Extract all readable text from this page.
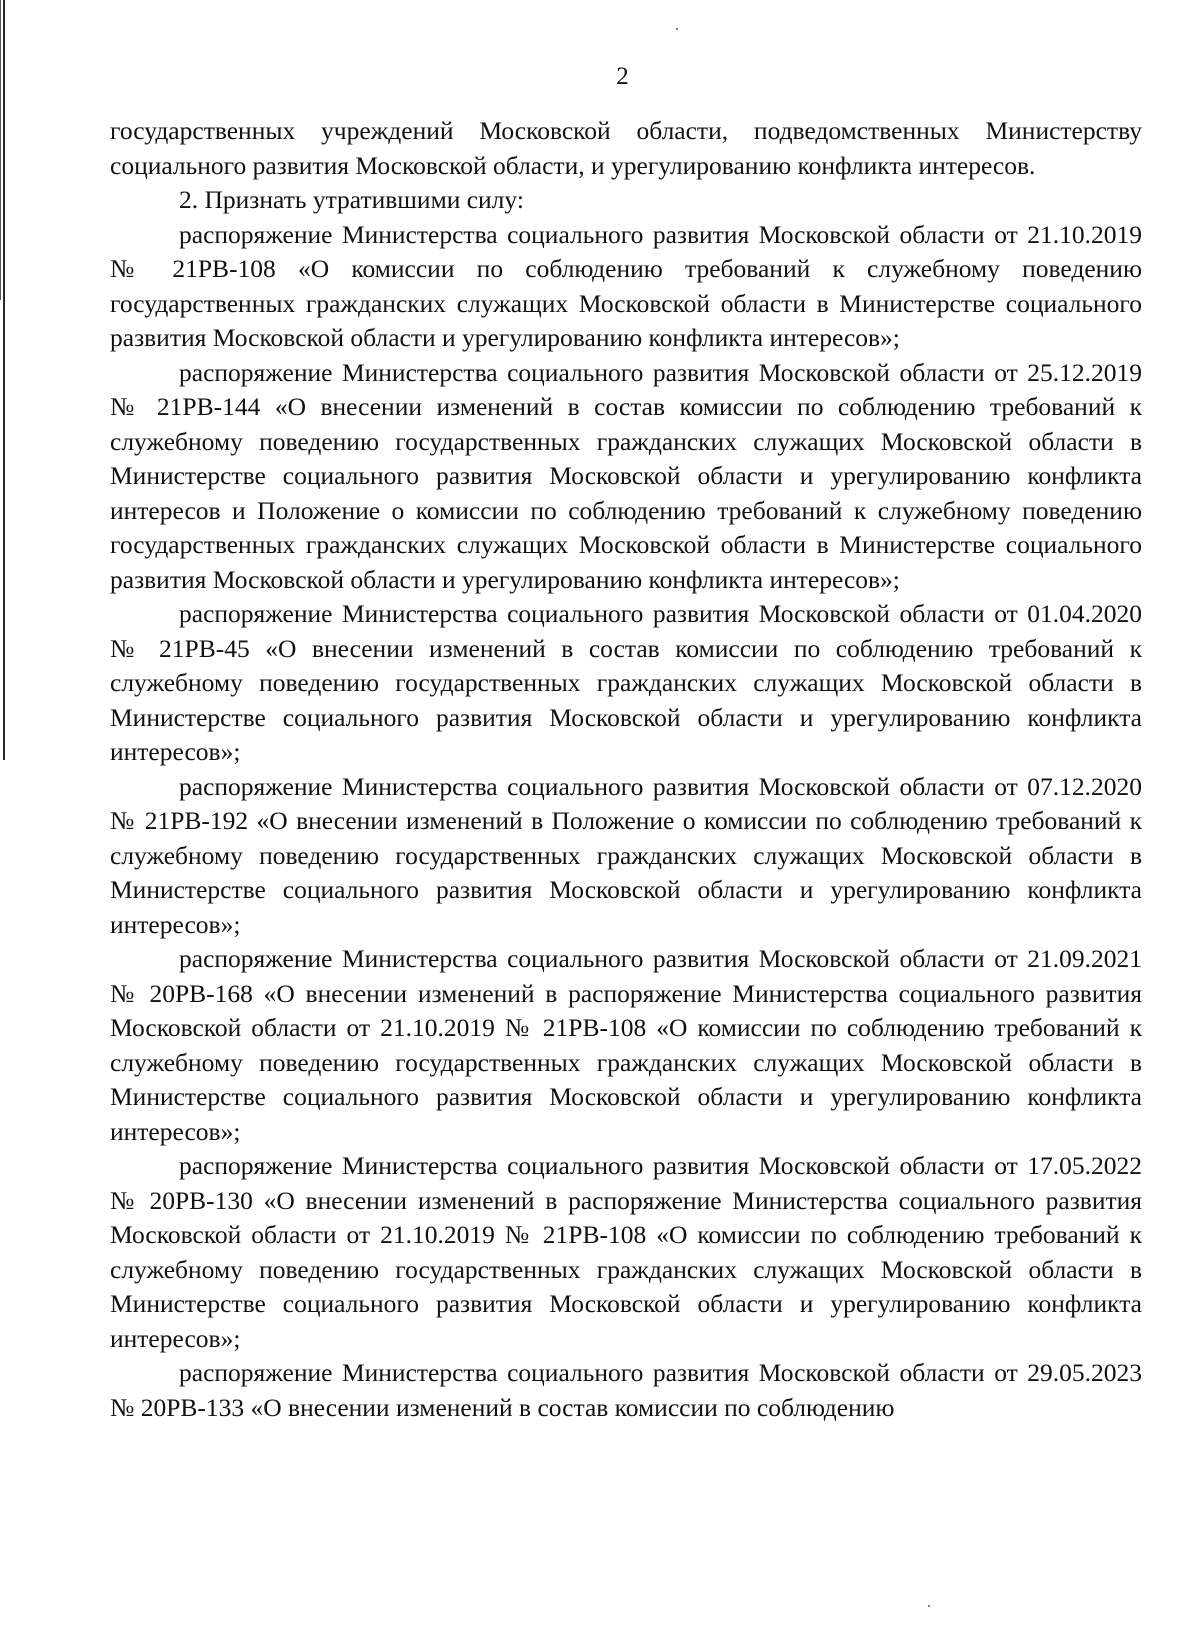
2

государственных учреждений Московской области, подведомственных Министерству социального развития Московской области, и урегулированию конфликта интересов.

2. Признать утратившими силу:

распоряжение Министерства социального развития Московской области от 21.10.2019 № 21РВ-108 «О комиссии по соблюдению требований к служебному поведению государственных гражданских служащих Московской области в Министерстве социального развития Московской области и урегулированию конфликта интересов»;

распоряжение Министерства социального развития Московской области от 25.12.2019 № 21РВ-144 «О внесении изменений в состав комиссии по соблюдению требований к служебному поведению государственных гражданских служащих Московской области в Министерстве социального развития Московской области и урегулированию конфликта интересов и Положение о комиссии по соблюдению требований к служебному поведению государственных гражданских служащих Московской области в Министерстве социального развития Московской области и урегулированию конфликта интересов»;

распоряжение Министерства социального развития Московской области от 01.04.2020 № 21РВ-45 «О внесении изменений в состав комиссии по соблюдению требований к служебному поведению государственных гражданских служащих Московской области в Министерстве социального развития Московской области и урегулированию конфликта интересов»;

распоряжение Министерства социального развития Московской области от 07.12.2020 № 21РВ-192 «О внесении изменений в Положение о комиссии по соблюдению требований к служебному поведению государственных гражданских служащих Московской области в Министерстве социального развития Московской области и урегулированию конфликта интересов»;

распоряжение Министерства социального развития Московской области от 21.09.2021 № 20РВ-168 «О внесении изменений в распоряжение Министерства социального развития Московской области от 21.10.2019 № 21РВ-108 «О комиссии по соблюдению требований к служебному поведению государственных гражданских служащих Московской области в Министерстве социального развития Московской области и урегулированию конфликта интересов»;

распоряжение Министерства социального развития Московской области от 17.05.2022 № 20РВ-130 «О внесении изменений в распоряжение Министерства социального развития Московской области от 21.10.2019 № 21РВ-108 «О комиссии по соблюдению требований к служебному поведению государственных гражданских служащих Московской области в Министерстве социального развития Московской области и урегулированию конфликта интересов»;

распоряжение Министерства социального развития Московской области от 29.05.2023 № 20РВ-133 «О внесении изменений в состав комиссии по соблюдению
